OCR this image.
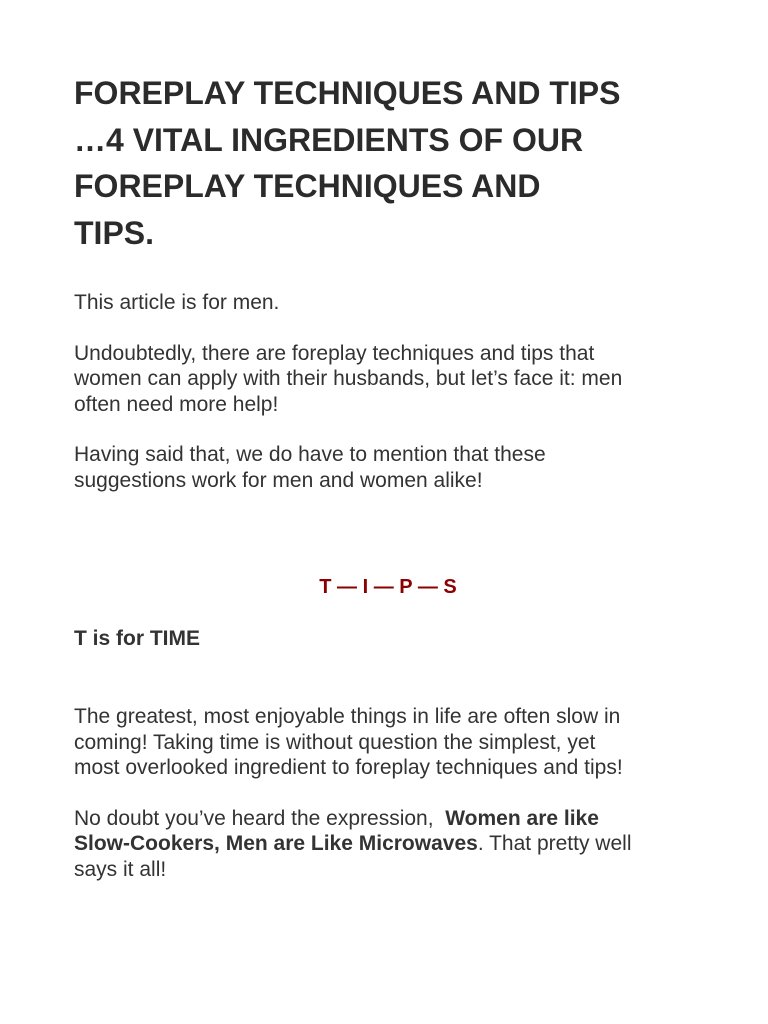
FOREPLAY TECHNIQUES AND TIPS
…4 VITAL INGREDIENTS OF OUR
FOREPLAY TECHNIQUES AND
TIPS.

This article is for men.

Undoubtedly, there are foreplay techniques and tips that
women can apply with their husbands, but let’s face it: men
often need more help!

Having said that, we do have to mention that these
suggestions work for men and women alike!

T — I — P — S
T is for TIME

The greatest, most enjoyable things in life are often slow in
coming! Taking time is without question the simplest, yet
most overlooked ingredient to foreplay techniques and tips!

No doubt you’ve heard the expression,  Women are like
Slow-Cookers, Men are Like Microwaves. That pretty well
says it all!
